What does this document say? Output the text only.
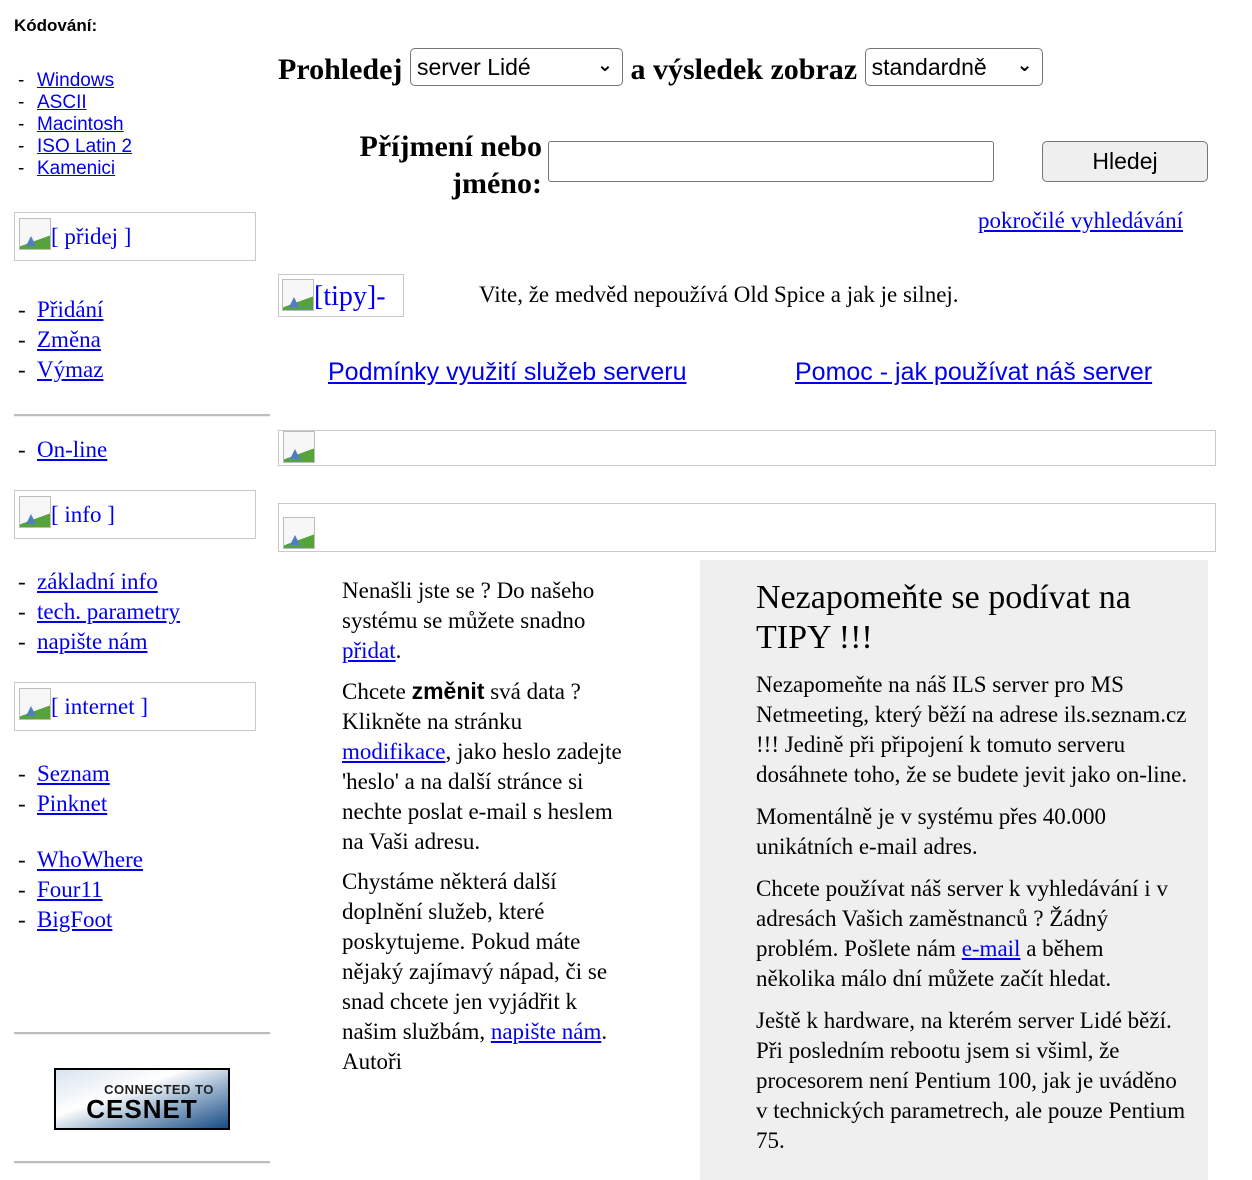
Kódování:
- Windows
- ASCII
- Macintosh
- ISO Latin 2
- Kamenici
[ přidej ]
- Přidání
- Změna
- Výmaz
- On-line
[ info ]
- základní info
- tech. parametry
- napište nám
[ internet ]
- Seznam
- Pinknet
- WhoWhere
- Four11
- BigFoot
CONNECTED TO
CESNET
Prohledej
server Lidé	⌄ a výsledek zobraz
standardně	⌄
Příjmení nebo jméno:
Hledej
pokročilé vyhledávání
[tipy]-	Vite, že medvěd nepoužívá Old Spice a jak je silnej.
Podmínky využití služeb serveru	Pomoc - jak používat náš server

Nenašli jste se ? Do našeho systému se můžete snadno přidat.

Chcete změnit svá data ? Klikněte na stránku modifikace, jako heslo zadejte 'heslo' a na další stránce si nechte poslat e-mail s heslem na Vaši adresu.

Chystáme některá další doplnění služeb, které poskytujeme. Pokud máte nějaký zajímavý nápad, či se snad chcete jen vyjádřit k našim službám, napište nám.

Autoři
Nezapomeňte se podívat na TIPY !!!

Nezapomeňte na náš ILS server pro MS Netmeeting, který běží na adrese ils.seznam.cz !!! Jedině při připojení k tomuto serveru dosáhnete toho, že se budete jevit jako on-line.

Momentálně je v systému přes 40.000 unikátních e-mail adres.

Chcete používat náš server k vyhledávání i v adresách Vašich zaměstnanců ? Žádný problém. Pošlete nám e-mail a během několika málo dní můžete začít hledat.

Ještě k hardware, na kterém server Lidé běží. Při posledním rebootu jsem si všiml, že procesorem není Pentium 100, jak je uváděno v technických parametrech, ale pouze Pentium 75.
